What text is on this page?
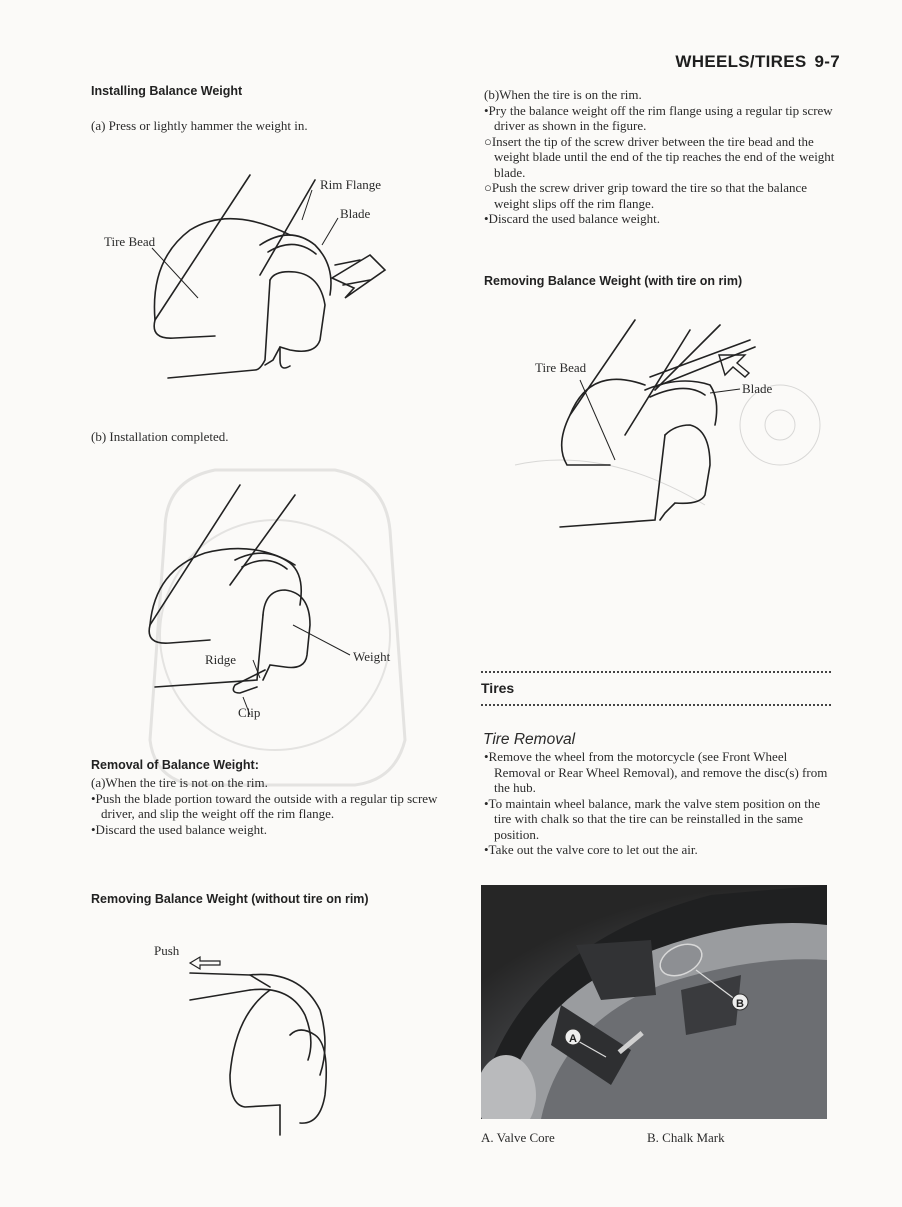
WHEELS/TIRES 9-7
Installing Balance Weight
(a) Press or lightly hammer the weight in.
Rim Flange
Blade
Tire Bead
(b) Installation completed.
Ridge	Weight
Clip
Removal of Balance Weight:

(a)When the tire is not on the rim.

•Push the blade portion toward the outside with a regular tip screw driver, and slip the weight off the rim flange.

•Discard the used balance weight.

Removing Balance Weight (without tire on rim)
Push

(b)When the tire is on the rim.

•Pry the balance weight off the rim flange using a regular tip screw driver as shown in the figure.

○Insert the tip of the screw driver between the tire bead and the weight blade until the end of the tip reaches the end of the weight blade.

○Push the screw driver grip toward the tire so that the balance weight slips off the rim flange.

•Discard the used balance weight.

Removing Balance Weight (with tire on rim)
Tire Bead
Blade
Tires
Tire Removal

•Remove the wheel from the motorcycle (see Front Wheel Removal or Rear Wheel Removal), and remove the disc(s) from the hub.

•To maintain wheel balance, mark the valve stem position on the tire with chalk so that the tire can be reinstalled in the same position.

•Take out the valve core to let out the air.

A
B
A. Valve Core	B. Chalk Mark
